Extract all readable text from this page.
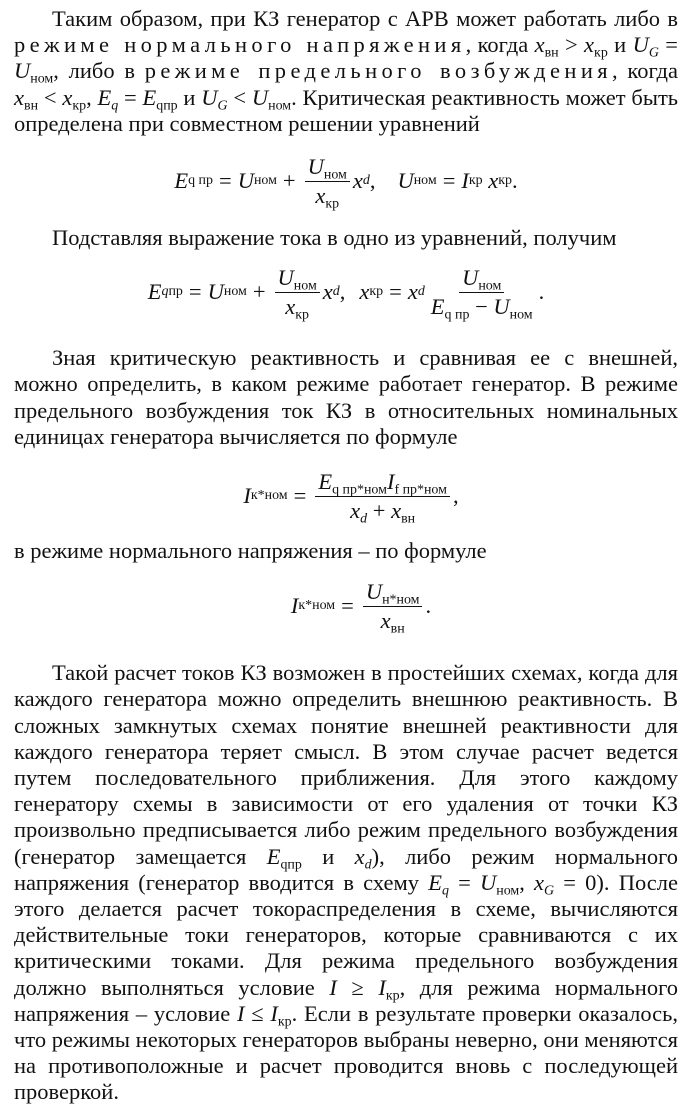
Таким образом, при КЗ генератор с АРВ может работать либо в режиме нормального напряжения, когда $x_{вн} > x_{кр}$ и $U_G = U_{ном}$, либо в режиме предельного возбуждения, когда $x_{вн} < x_{кр}$, $E_q = E_{qпр}$ и $U_G < U_{ном}$. Критическая реактивность может быть определена при совместном решении уравнений

E q пр = U ном + $\frac{U_{ном}}{x_{кр}}$ x d , U ном = I кр
x кр .

Подставляя выражение тока в одно из уравнений, получим

E qпр = U ном + $\frac{U_{ном}}{x_{кр}}$ x d , x кр = x d $\frac{U_{ном}}{E_{q пр} - U_{ном}}$ .

Зная критическую реактивность и сравнивая ее с внешней, можно определить, в каком режиме работает генератор. В режиме предельного возбуждения ток КЗ в относительных номинальных единицах генератора вычисляется по формуле

I $к*ном = \frac{E_{q пр*ном}I_{f пр*ном}}{x_d + x_{вн}}$ ,

в режиме нормального напряжения – по формуле

I $к*ном = \frac{U_{н*ном}}{x_{вн}}$ .

Такой расчет токов КЗ возможен в простейших схемах, когда для каждого генератора можно определить внешнюю реактивность. В сложных замкнутых схемах понятие внешней реактивности для каждого генератора теряет смысл. В этом случае расчет ведется путем последовательного приближения. Для этого каждому генератору схемы в зависимости от его удаления от точки КЗ произвольно предписывается либо режим предельного возбуждения (генератор замещается $E_{qпр}$ и $x_d$), либо режим нормального напряжения (генератор вводится в схему $E_q = U_{ном}$, $x_G = 0$). После этого делается расчет токораспределения в схеме, вычисляются действительные токи генераторов, которые сравниваются с их критическими токами. Для режима предельного возбуждения должно выполняться условие $I \ge I_{кр}$, для режима нормального напряжения – условие $I \le I_{кр}$. Если в результате проверки оказалось, что режимы некоторых генераторов выбраны неверно, они меняются на противоположные и расчет проводится вновь с последующей проверкой.
